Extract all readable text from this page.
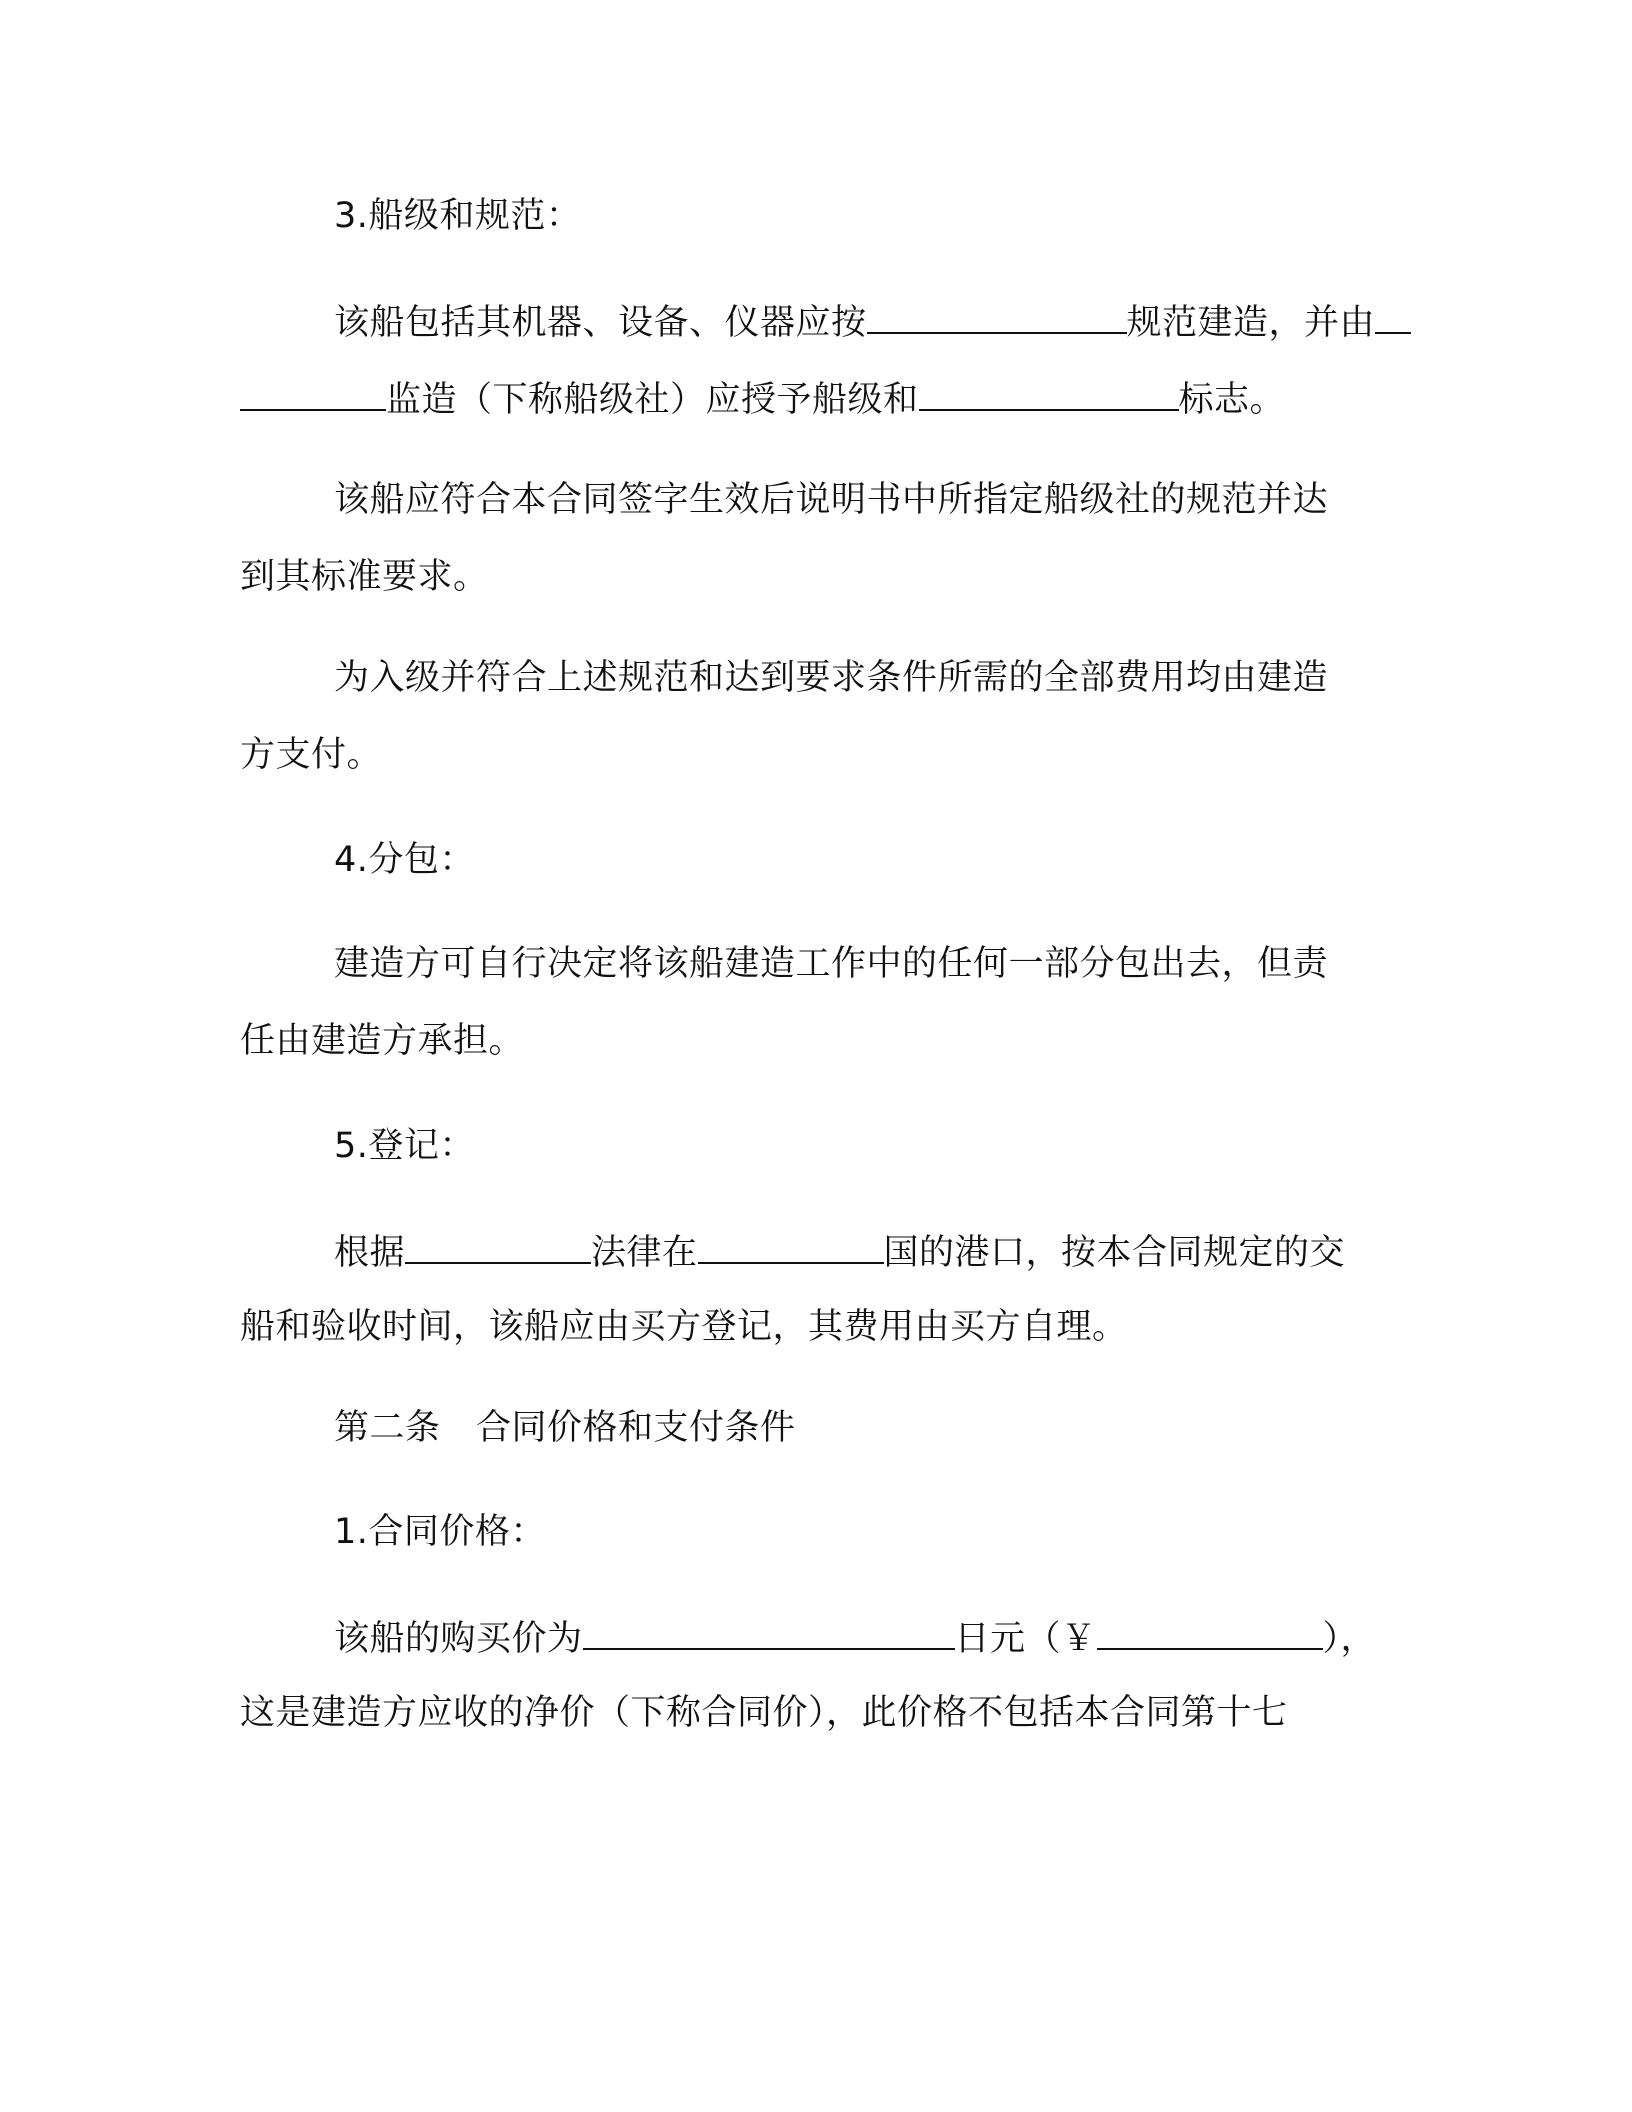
3.船级和规范：
该船包括其机器、设备、仪器应按	规范建造，并由
监造（下称船级社）应授予船级和	标志。
该船应符合本合同签字生效后说明书中所指定船级社的规范并达
到其标准要求。
为入级并符合上述规范和达到要求条件所需的全部费用均由建造
方支付。
4.分包：
建造方可自行决定将该船建造工作中的任何一部分包出去，但责
任由建造方承担。
5.登记：
根据	法律在	国的港口，按本合同规定的交
船和验收时间，该船应由买方登记，其费用由买方自理。
第二条　合同价格和支付条件
1.合同价格：
该船的购买价为	日元（￥	），
这是建造方应收的净价（下称合同价），此价格不包括本合同第十七
